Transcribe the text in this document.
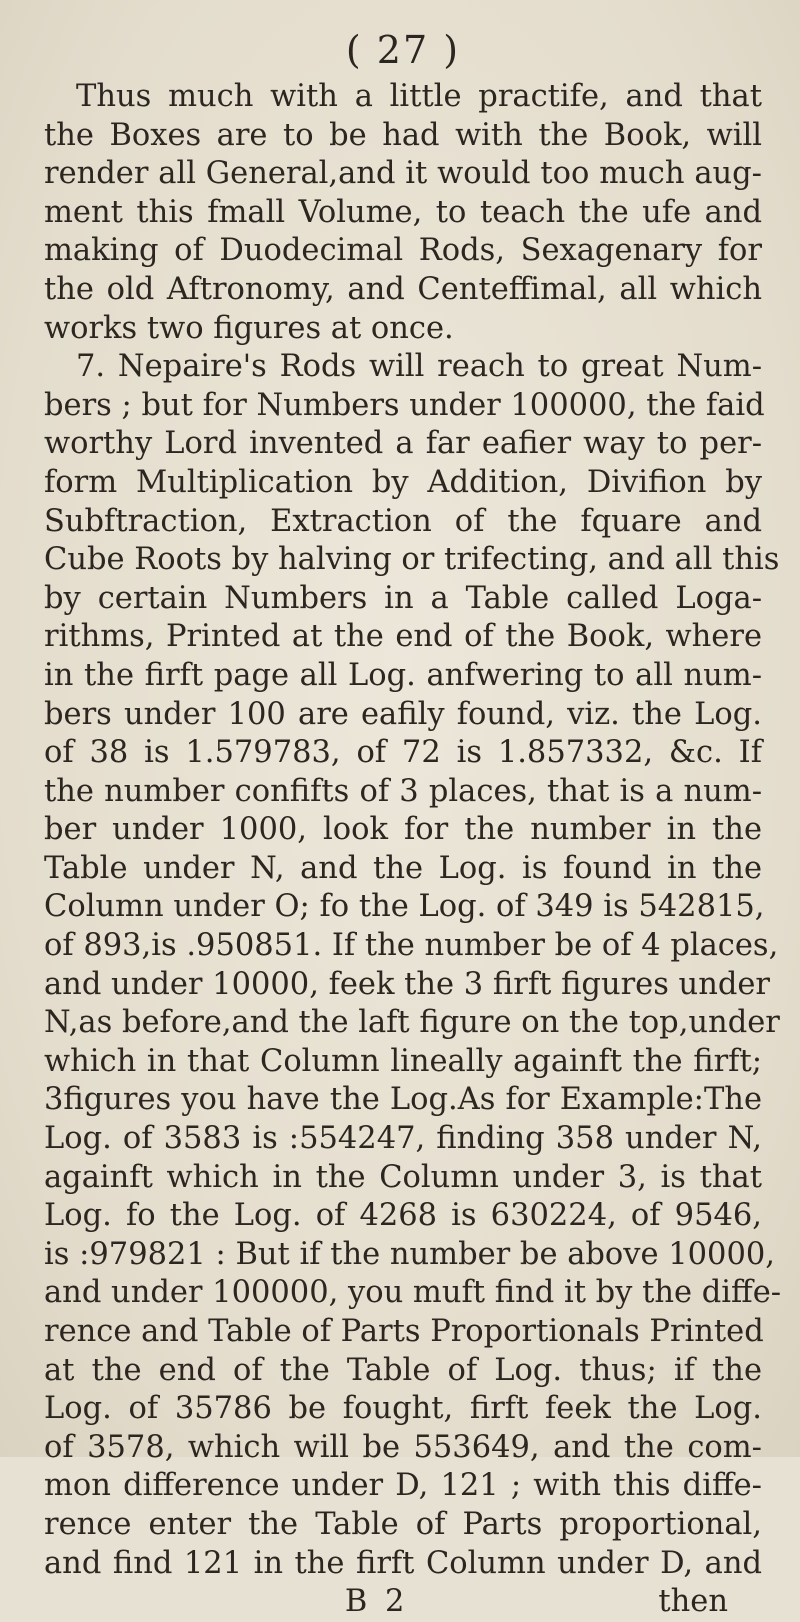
( 27 )
Thus much with a little practife, and that
the Boxes are to be had with the Book, will
render all General,and it would too much aug-
ment this fmall Volume, to teach the ufe and
making of Duodecimal Rods, Sexagenary for
the old Aftronomy, and Centeffimal, all which
works two figures at once.
7. Nepaire's Rods will reach to great Num-
bers ; but for Numbers under 100000, the faid
worthy Lord invented a far eafier way to per-
form Multiplication by Addition, Divifion by
Subftraction, Extraction of the fquare and
Cube Roots by halving or trifecting, and all this
by certain Numbers in a Table called Loga-
rithms, Printed at the end of the Book, where
in the firft page all Log. anfwering to all num-
bers under 100 are eafily found, viz. the Log.
of 38 is 1.579783, of 72 is 1.857332, &c. If
the number confifts of 3 places, that is a num-
ber under 1000, look for the number in the
Table under N, and the Log. is found in the
Column under O; fo the Log. of 349 is 542815,
of 893,is .950851. If the number be of 4 places,
and under 10000, feek the 3 firft figures under
N,as before,and the laft figure on the top,under
which in that Column lineally againft the firft;
3figures you have the Log.As for Example:The
Log. of 3583 is :554247, finding 358 under N,
againft which in the Column under 3, is that
Log. fo the Log. of 4268 is 630224, of 9546,
is :979821 : But if the number be above 10000,
and under 100000, you muft find it by the diffe-
rence and Table of Parts Proportionals Printed
at the end of the Table of Log. thus; if the
Log. of 35786 be fought, firft feek the Log.
of 3578, which will be 553649, and the com-
mon difference under D, 121 ; with this diffe-
rence enter the Table of Parts proportional,
and find 121 in the firft Column under D, and
B 2	then
